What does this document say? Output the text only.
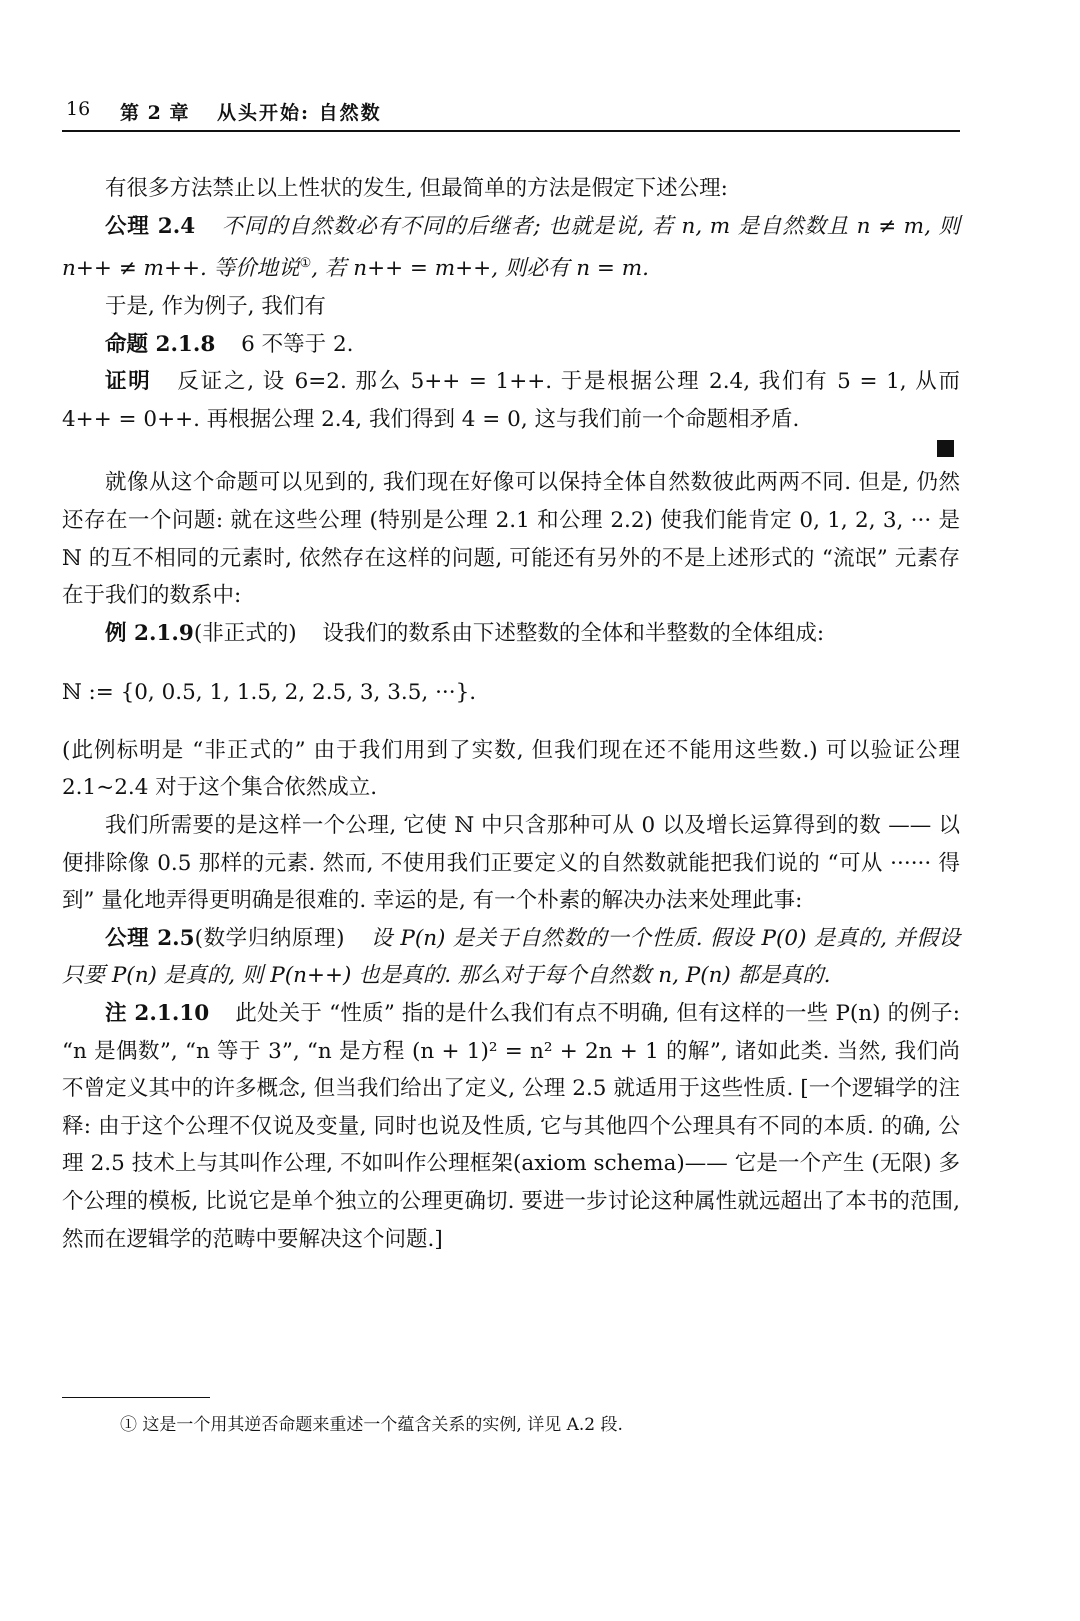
16 第 2 章 从头开始: 自然数

有很多方法禁止以上性状的发生, 但最简单的方法是假定下述公理:

公理 2.4 不同的自然数必有不同的后继者; 也就是说, 若 n, m 是自然数且 n ≠ m, 则 n++ ≠ m++. 等价地说①, 若 n++ = m++, 则必有 n = m.

于是, 作为例子, 我们有

命题 2.1.8 6 不等于 2.

证明 反证之, 设 6=2. 那么 5++ = 1++. 于是根据公理 2.4, 我们有 5 = 1, 从而 4++ = 0++. 再根据公理 2.4, 我们得到 4 = 0, 这与我们前一个命题相矛盾.

就像从这个命题可以见到的, 我们现在好像可以保持全体自然数彼此两两不同. 但是, 仍然还存在一个问题: 就在这些公理 (特别是公理 2.1 和公理 2.2) 使我们能肯定 0, 1, 2, 3, ··· 是 ℕ 的互不相同的元素时, 依然存在这样的问题, 可能还有另外的不是上述形式的 “流氓” 元素存在于我们的数系中:

例 2.1.9(非正式的) 设我们的数系由下述整数的全体和半整数的全体组成:

ℕ := {0, 0.5, 1, 1.5, 2, 2.5, 3, 3.5, ···}.

(此例标明是 “非正式的” 由于我们用到了实数, 但我们现在还不能用这些数.) 可以验证公理 2.1~2.4 对于这个集合依然成立.

我们所需要的是这样一个公理, 它使 ℕ 中只含那种可从 0 以及增长运算得到的数 —— 以便排除像 0.5 那样的元素. 然而, 不使用我们正要定义的自然数就能把我们说的 “可从 ······ 得到” 量化地弄得更明确是很难的. 幸运的是, 有一个朴素的解决办法来处理此事:

公理 2.5(数学归纳原理) 设 P(n) 是关于自然数的一个性质. 假设 P(0) 是真的, 并假设只要 P(n) 是真的, 则 P(n++) 也是真的. 那么对于每个自然数 n, P(n) 都是真的.

注 2.1.10 此处关于 “性质” 指的是什么我们有点不明确, 但有这样的一些 P(n) 的例子: “n 是偶数”, “n 等于 3”, “n 是方程 (n + 1)² = n² + 2n + 1 的解”, 诸如此类. 当然, 我们尚不曾定义其中的许多概念, 但当我们给出了定义, 公理 2.5 就适用于这些性质. [一个逻辑学的注释: 由于这个公理不仅说及变量, 同时也说及性质, 它与其他四个公理具有不同的本质. 的确, 公理 2.5 技术上与其叫作公理, 不如叫作公理框架(axiom schema)—— 它是一个产生 (无限) 多个公理的模板, 比说它是单个独立的公理更确切. 要进一步讨论这种属性就远超出了本书的范围, 然而在逻辑学的范畴中要解决这个问题.]

① 这是一个用其逆否命题来重述一个蕴含关系的实例, 详见 A.2 段.
